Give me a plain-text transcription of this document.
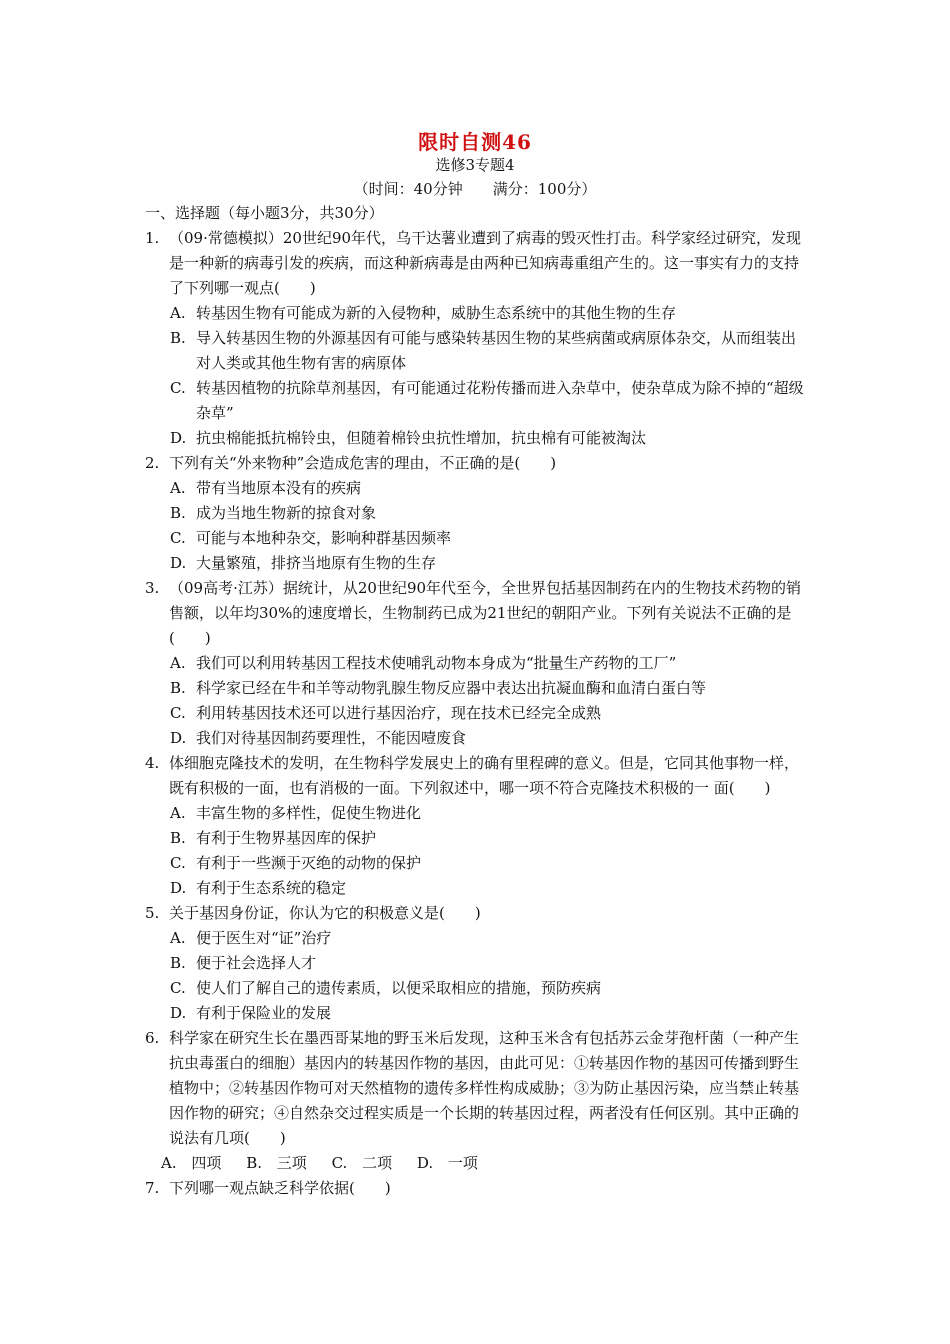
限时自测46
选修3专题4
（时间：40分钟　　满分：100分）
一、选择题（每小题3分，共30分）
1. （09·常德模拟）20世纪90年代，乌干达薯业遭到了病毒的毁灭性打击。科学家经过研究，发现是一种新的病毒引发的疾病，而这种新病毒是由两种已知病毒重组产生的。这一事实有力的支持了下列哪一观点(　　)
A. 转基因生物有可能成为新的入侵物种，威胁生态系统中的其他生物的生存
B. 导入转基因生物的外源基因有可能与感染转基因生物的某些病菌或病原体杂交，从而组装出对人类或其他生物有害的病原体
C. 转基因植物的抗除草剂基因，有可能通过花粉传播而进入杂草中，使杂草成为除不掉的“超级杂草”
D. 抗虫棉能抵抗棉铃虫，但随着棉铃虫抗性增加，抗虫棉有可能被淘汰
2. 下列有关“外来物种”会造成危害的理由，不正确的是(　　)
A. 带有当地原本没有的疾病
B. 成为当地生物新的掠食对象
C. 可能与本地种杂交，影响种群基因频率
D. 大量繁殖，排挤当地原有生物的生存
3. （09高考·江苏）据统计，从20世纪90年代至今，全世界包括基因制药在内的生物技术药物的销售额，以年均30%的速度增长，生物制药已成为21世纪的朝阳产业。下列有关说法不正确的是(　　)
A. 我们可以利用转基因工程技术使哺乳动物本身成为“批量生产药物的工厂”
B. 科学家已经在牛和羊等动物乳腺生物反应器中表达出抗凝血酶和血清白蛋白等
C. 利用转基因技术还可以进行基因治疗，现在技术已经完全成熟
D. 我们对待基因制药要理性，不能因噎废食
4. 体细胞克隆技术的发明，在生物科学发展史上的确有里程碑的意义。但是，它同其他事物一样，既有积极的一面，也有消极的一面。下列叙述中，哪一项不符合克隆技术积极的一 面(　　)
A. 丰富生物的多样性，促使生物进化
B. 有利于生物界基因库的保护
C. 有利于一些濒于灭绝的动物的保护
D. 有利于生态系统的稳定
5. 关于基因身份证，你认为它的积极意义是(　　)
A. 便于医生对“证”治疗
B. 便于社会选择人才
C. 使人们了解自己的遗传素质，以便采取相应的措施，预防疾病
D. 有利于保险业的发展
6. 科学家在研究生长在墨西哥某地的野玉米后发现，这种玉米含有包括苏云金芽孢杆菌（一种产生抗虫毒蛋白的细胞）基因内的转基因作物的基因，由此可见：①转基因作物的基因可传播到野生植物中；②转基因作物可对天然植物的遗传多样性构成威胁；③为防止基因污染，应当禁止转基因作物的研究；④自然杂交过程实质是一个长期的转基因过程，两者没有任何区别。其中正确的说法有几项(　　)
A. 四项 B. 三项 C. 二项 D. 一项
7. 下列哪一观点缺乏科学依据(　　)
